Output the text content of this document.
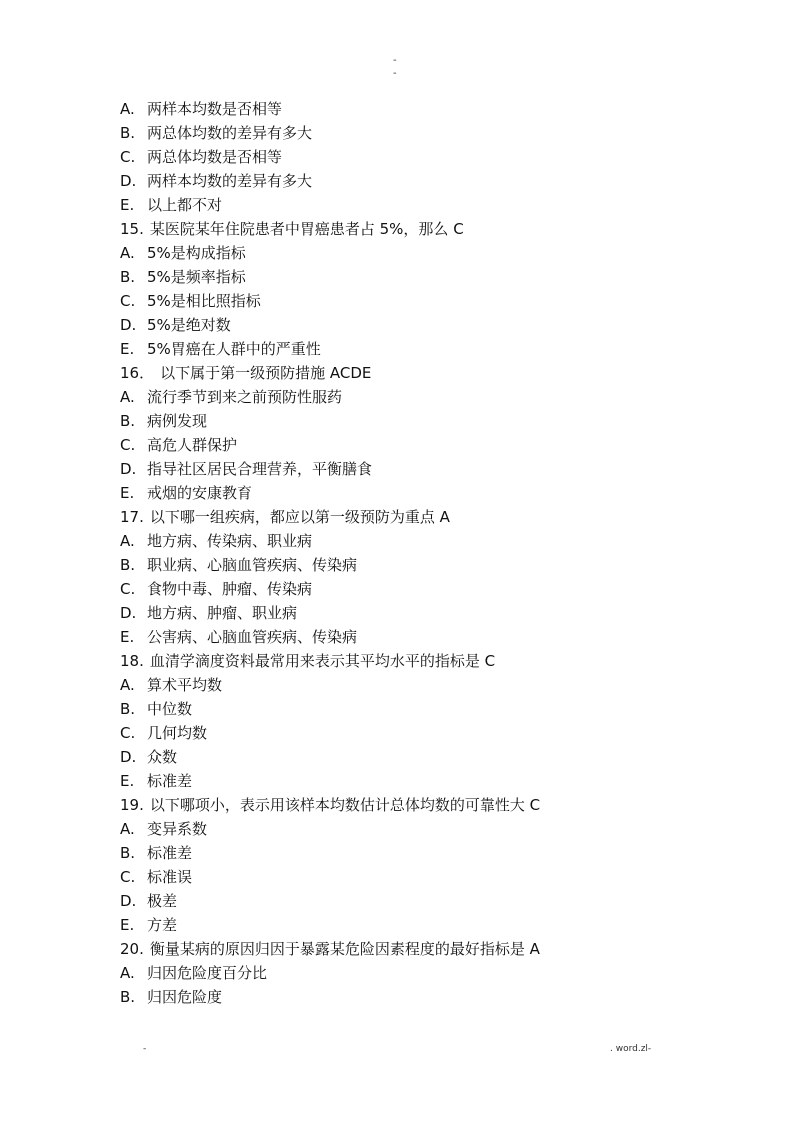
-
-
A. 两样本均数是否相等
B. 两总体均数的差异有多大
C. 两总体均数是否相等
D. 两样本均数的差异有多大
E. 以上都不对
15. 某医院某年住院患者中胃癌患者占 5%，那么 C
A. 5%是构成指标
B. 5%是频率指标
C. 5%是相比照指标
D. 5%是绝对数
E. 5%胃癌在人群中的严重性
16． 以下属于第一级预防措施 ACDE
A. 流行季节到来之前预防性服药
B. 病例发现
C. 高危人群保护
D. 指导社区居民合理营养，平衡膳食
E. 戒烟的安康教育
17. 以下哪一组疾病，都应以第一级预防为重点 A
A. 地方病、传染病、职业病
B. 职业病、心脑血管疾病、传染病
C. 食物中毒、肿瘤、传染病
D. 地方病、肿瘤、职业病
E. 公害病、心脑血管疾病、传染病
18. 血清学滴度资料最常用来表示其平均水平的指标是 C
A. 算术平均数
B. 中位数
C. 几何均数
D. 众数
E. 标准差
19. 以下哪项小，表示用该样本均数估计总体均数的可靠性大 C
A. 变异系数
B. 标准差
C. 标准误
D. 极差
E. 方差
20. 衡量某病的原因归因于暴露某危险因素程度的最好指标是 A
A. 归因危险度百分比
B. 归因危险度
-	. word.zl-
